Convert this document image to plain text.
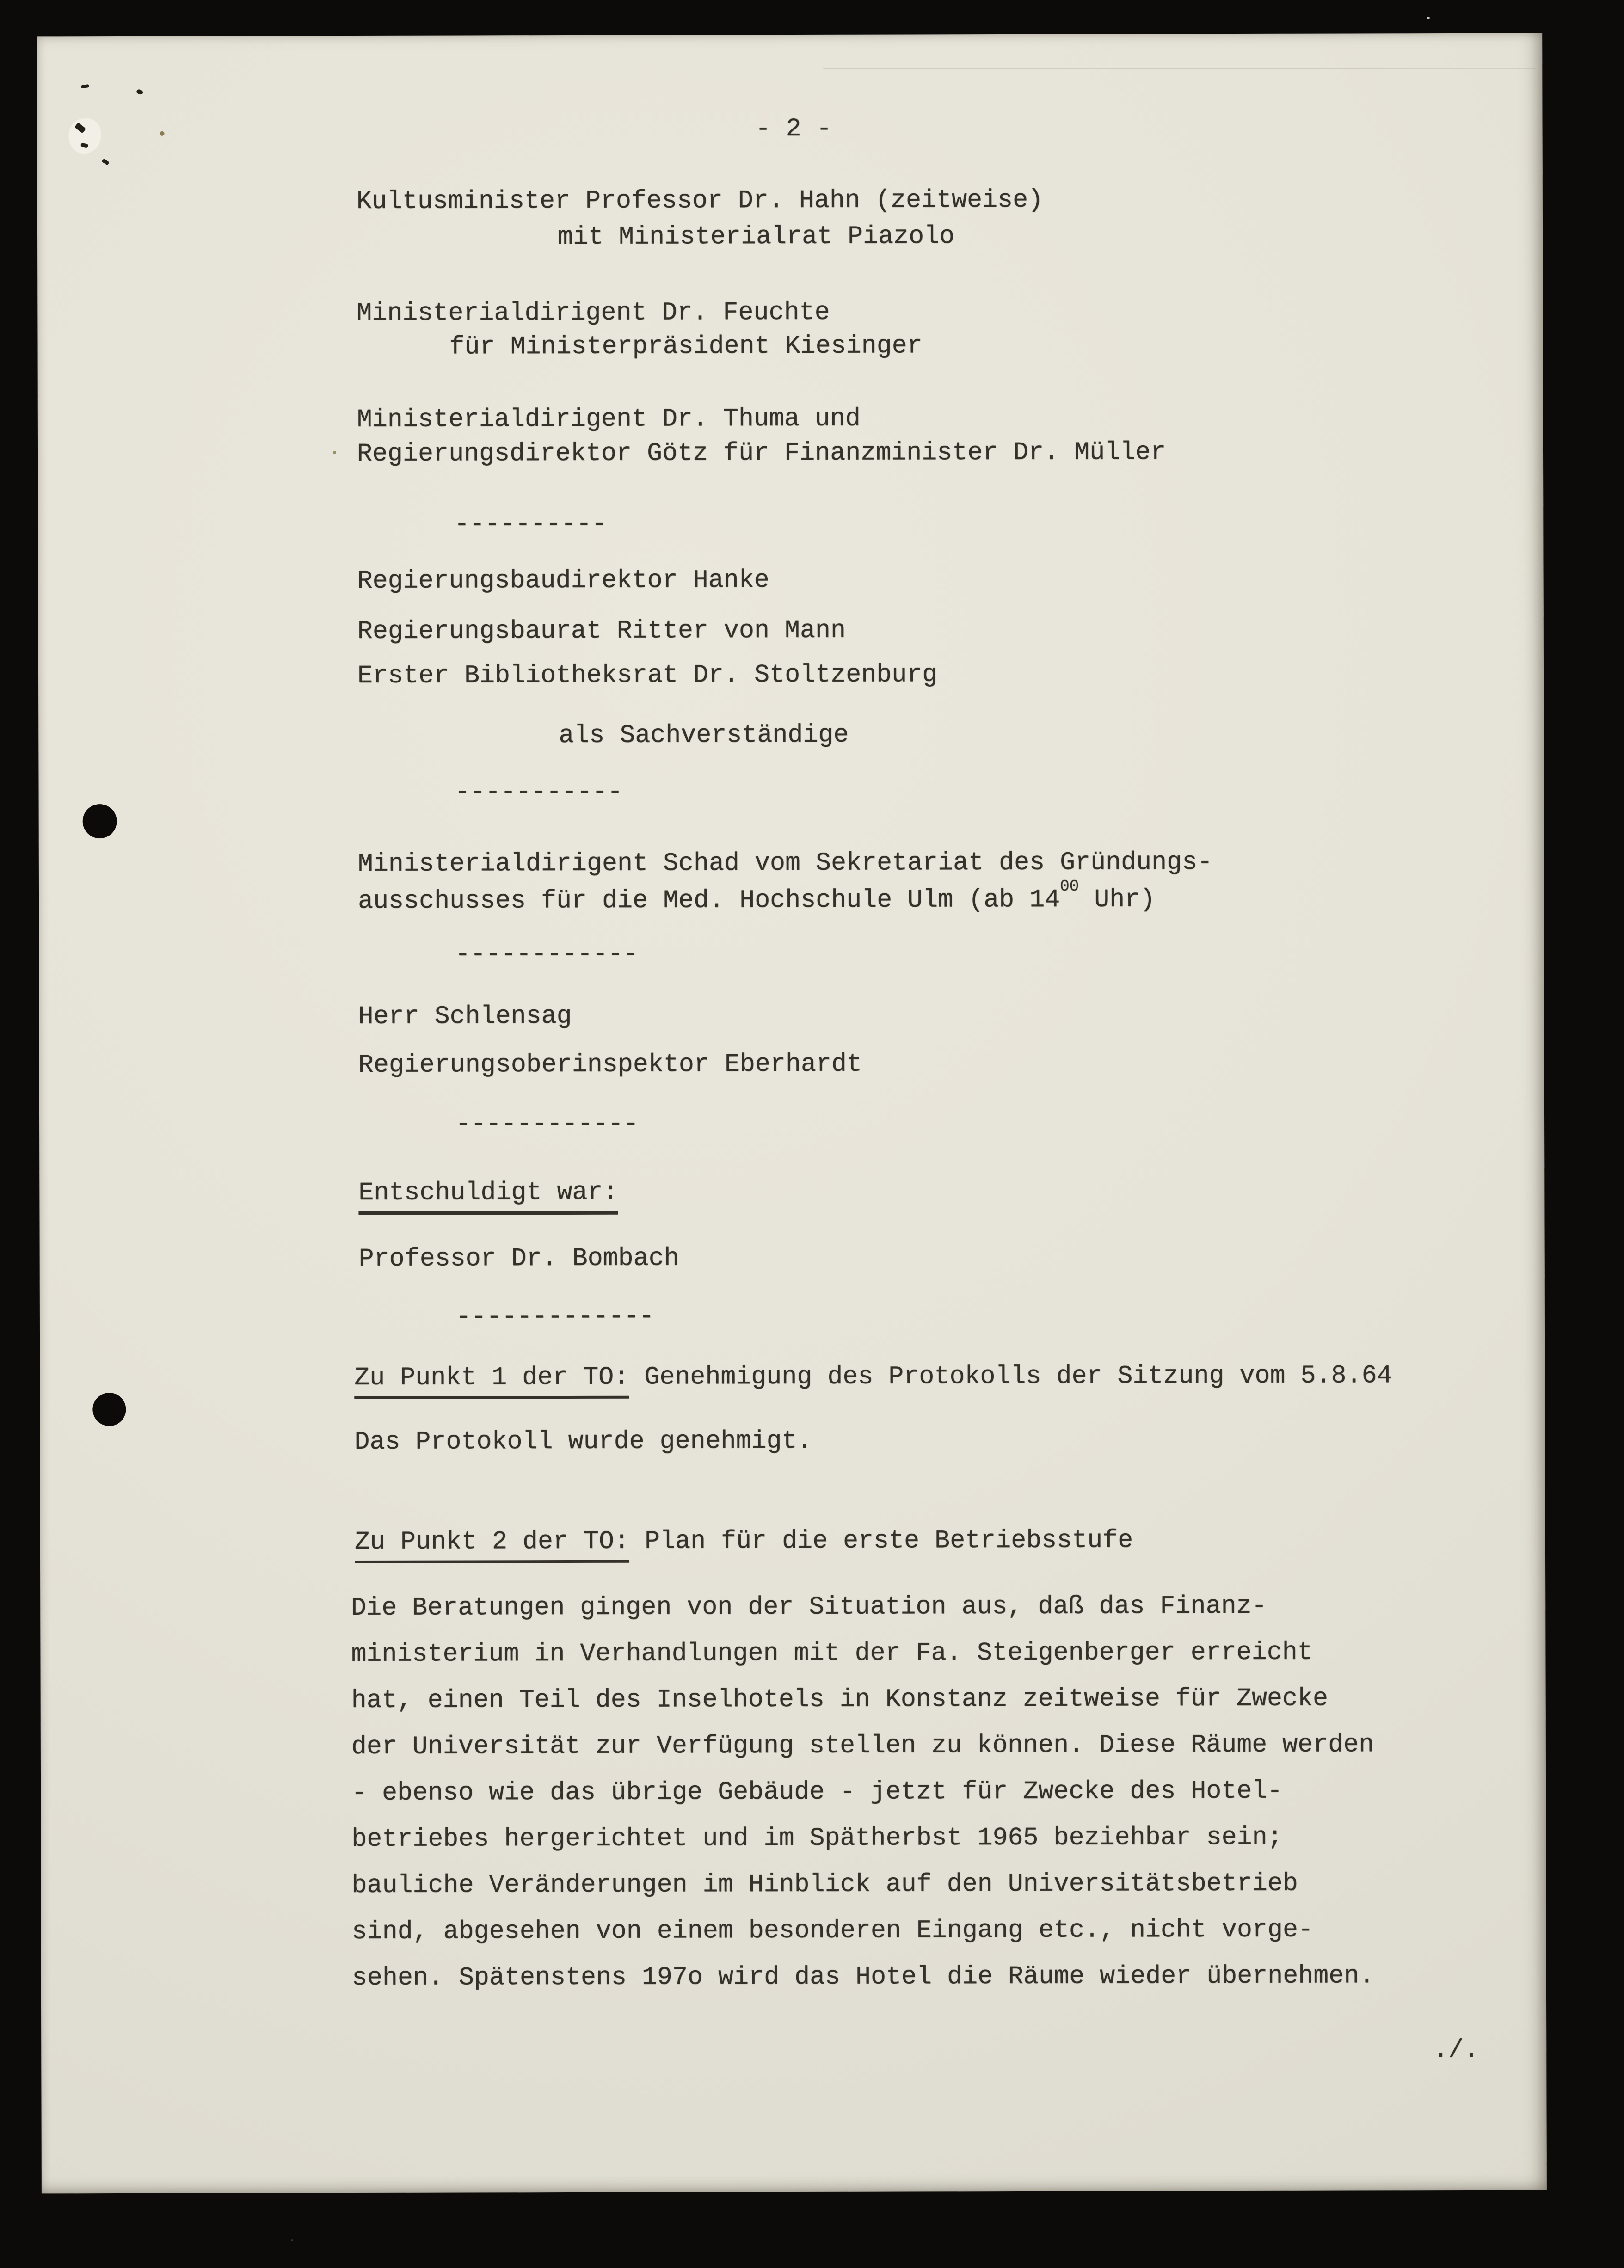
- 2 -
Kultusminister Professor Dr. Hahn (zeitweise)
mit Ministerialrat Piazolo
Ministerialdirigent Dr. Feuchte
für Ministerpräsident Kiesinger
Ministerialdirigent Dr. Thuma und
Regierungsdirektor Götz für Finanzminister Dr. Müller
----------
Regierungsbaudirektor Hanke
Regierungsbaurat Ritter von Mann
Erster Bibliotheksrat Dr. Stoltzenburg
als Sachverständige
-----------
Ministerialdirigent Schad vom Sekretariat des Gründungs-
ausschusses für die Med. Hochschule Ulm (ab $14^{00}$ Uhr)
------------
Herr Schlensag
Regierungsoberinspektor Eberhardt
------------
Entschuldigt war:
Professor Dr. Bombach
-------------
Zu Punkt 1 der TO: Genehmigung des Protokolls der Sitzung vom 5.8.64
Das Protokoll wurde genehmigt.
Zu Punkt 2 der TO: Plan für die erste Betriebsstufe
Die Beratungen gingen von der Situation aus, daß das Finanz-
ministerium in Verhandlungen mit der Fa. Steigenberger erreicht
hat, einen Teil des Inselhotels in Konstanz zeitweise für Zwecke
der Universität zur Verfügung stellen zu können. Diese Räume werden
- ebenso wie das übrige Gebäude - jetzt für Zwecke des Hotel-
betriebes hergerichtet und im Spätherbst 1965 beziehbar sein;
bauliche Veränderungen im Hinblick auf den Universitätsbetrieb
sind, abgesehen von einem besonderen Eingang etc., nicht vorge-
sehen. Spätenstens 197o wird das Hotel die Räume wieder übernehmen.
./.
